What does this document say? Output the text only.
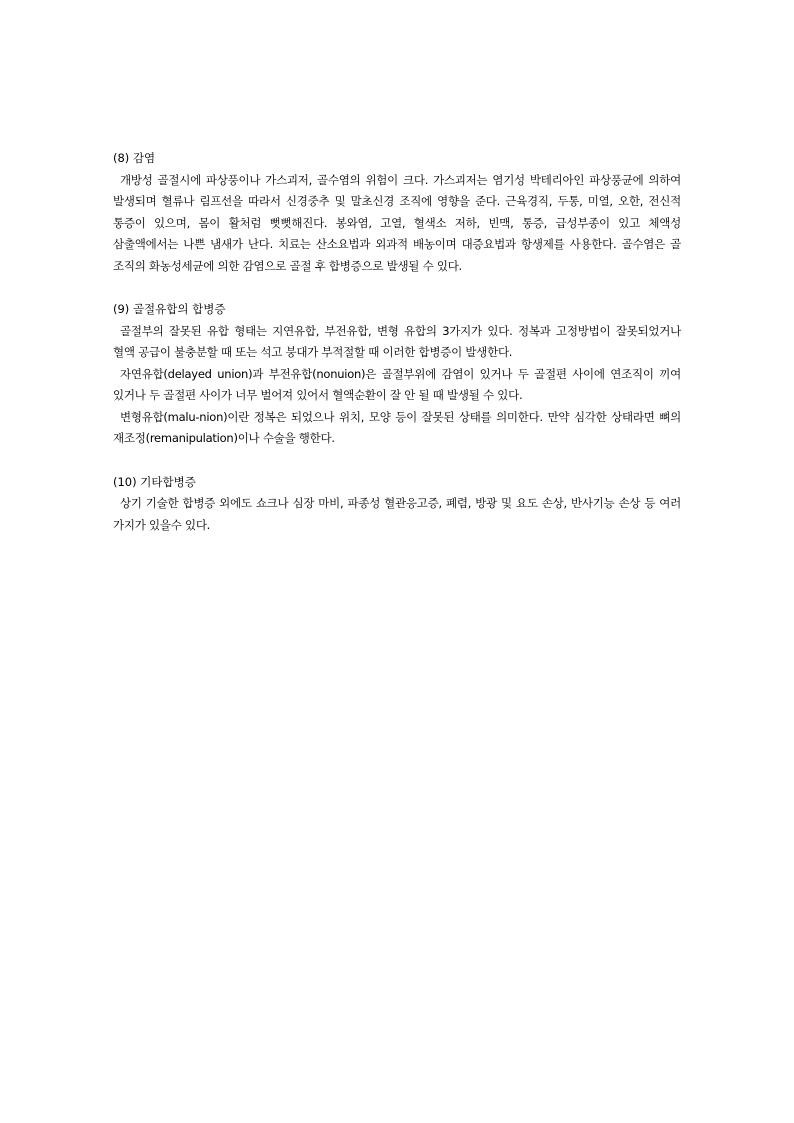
(8) 감염

개방성 골절시에 파상풍이나 가스괴저, 골수염의 위험이 크다. 가스괴저는 염기성 박테리아인 파상풍균에 의하여 발생되며 혈류나 림프선을 따라서 신경중추 및 말초신경 조직에 영향을 준다. 근육경직, 두통, 미열, 오한, 전신적 통증이 있으며, 몸이 활처럼 뻣뻣해진다. 봉와염, 고열, 혈색소 저하, 빈맥, 통증, 급성부종이 있고 체액성 삼출액에서는 나쁜 냄새가 난다. 치료는 산소요법과 외과적 배농이며 대증요법과 항생제를 사용한다. 골수염은 골 조직의 화농성세균에 의한 감염으로 골절 후 합병증으로 발생될 수 있다.

(9) 골절유합의 합병증

골절부의 잘못된 유합 형태는 지연유합, 부전유합, 변형 유합의 3가지가 있다. 정복과 고정방법이 잘못되었거나 혈액 공급이 불충분할 때 또는 석고 붕대가 부적절할 때 이러한 합병증이 발생한다.

자연유합(delayed union)과 부전유합(nonuion)은 골절부위에 감염이 있거나 두 골절편 사이에 연조직이 끼여 있거나 두 골절편 사이가 너무 벌어져 있어서 혈액순환이 잘 안 될 때 발생될 수 있다.

변형유합(malu-nion)이란 정복은 되었으나 위치, 모양 등이 잘못된 상태를 의미한다. 만약 심각한 상태라면 뼈의 재조정(remanipulation)이나 수술을 행한다.

(10) 기타합병증

상기 기술한 합병증 외에도 쇼크나 심장 마비, 파종성 혈관응고증, 폐렴, 방광 및 요도 손상, 반사기능 손상 등 여러 가지가 있을수 있다.
